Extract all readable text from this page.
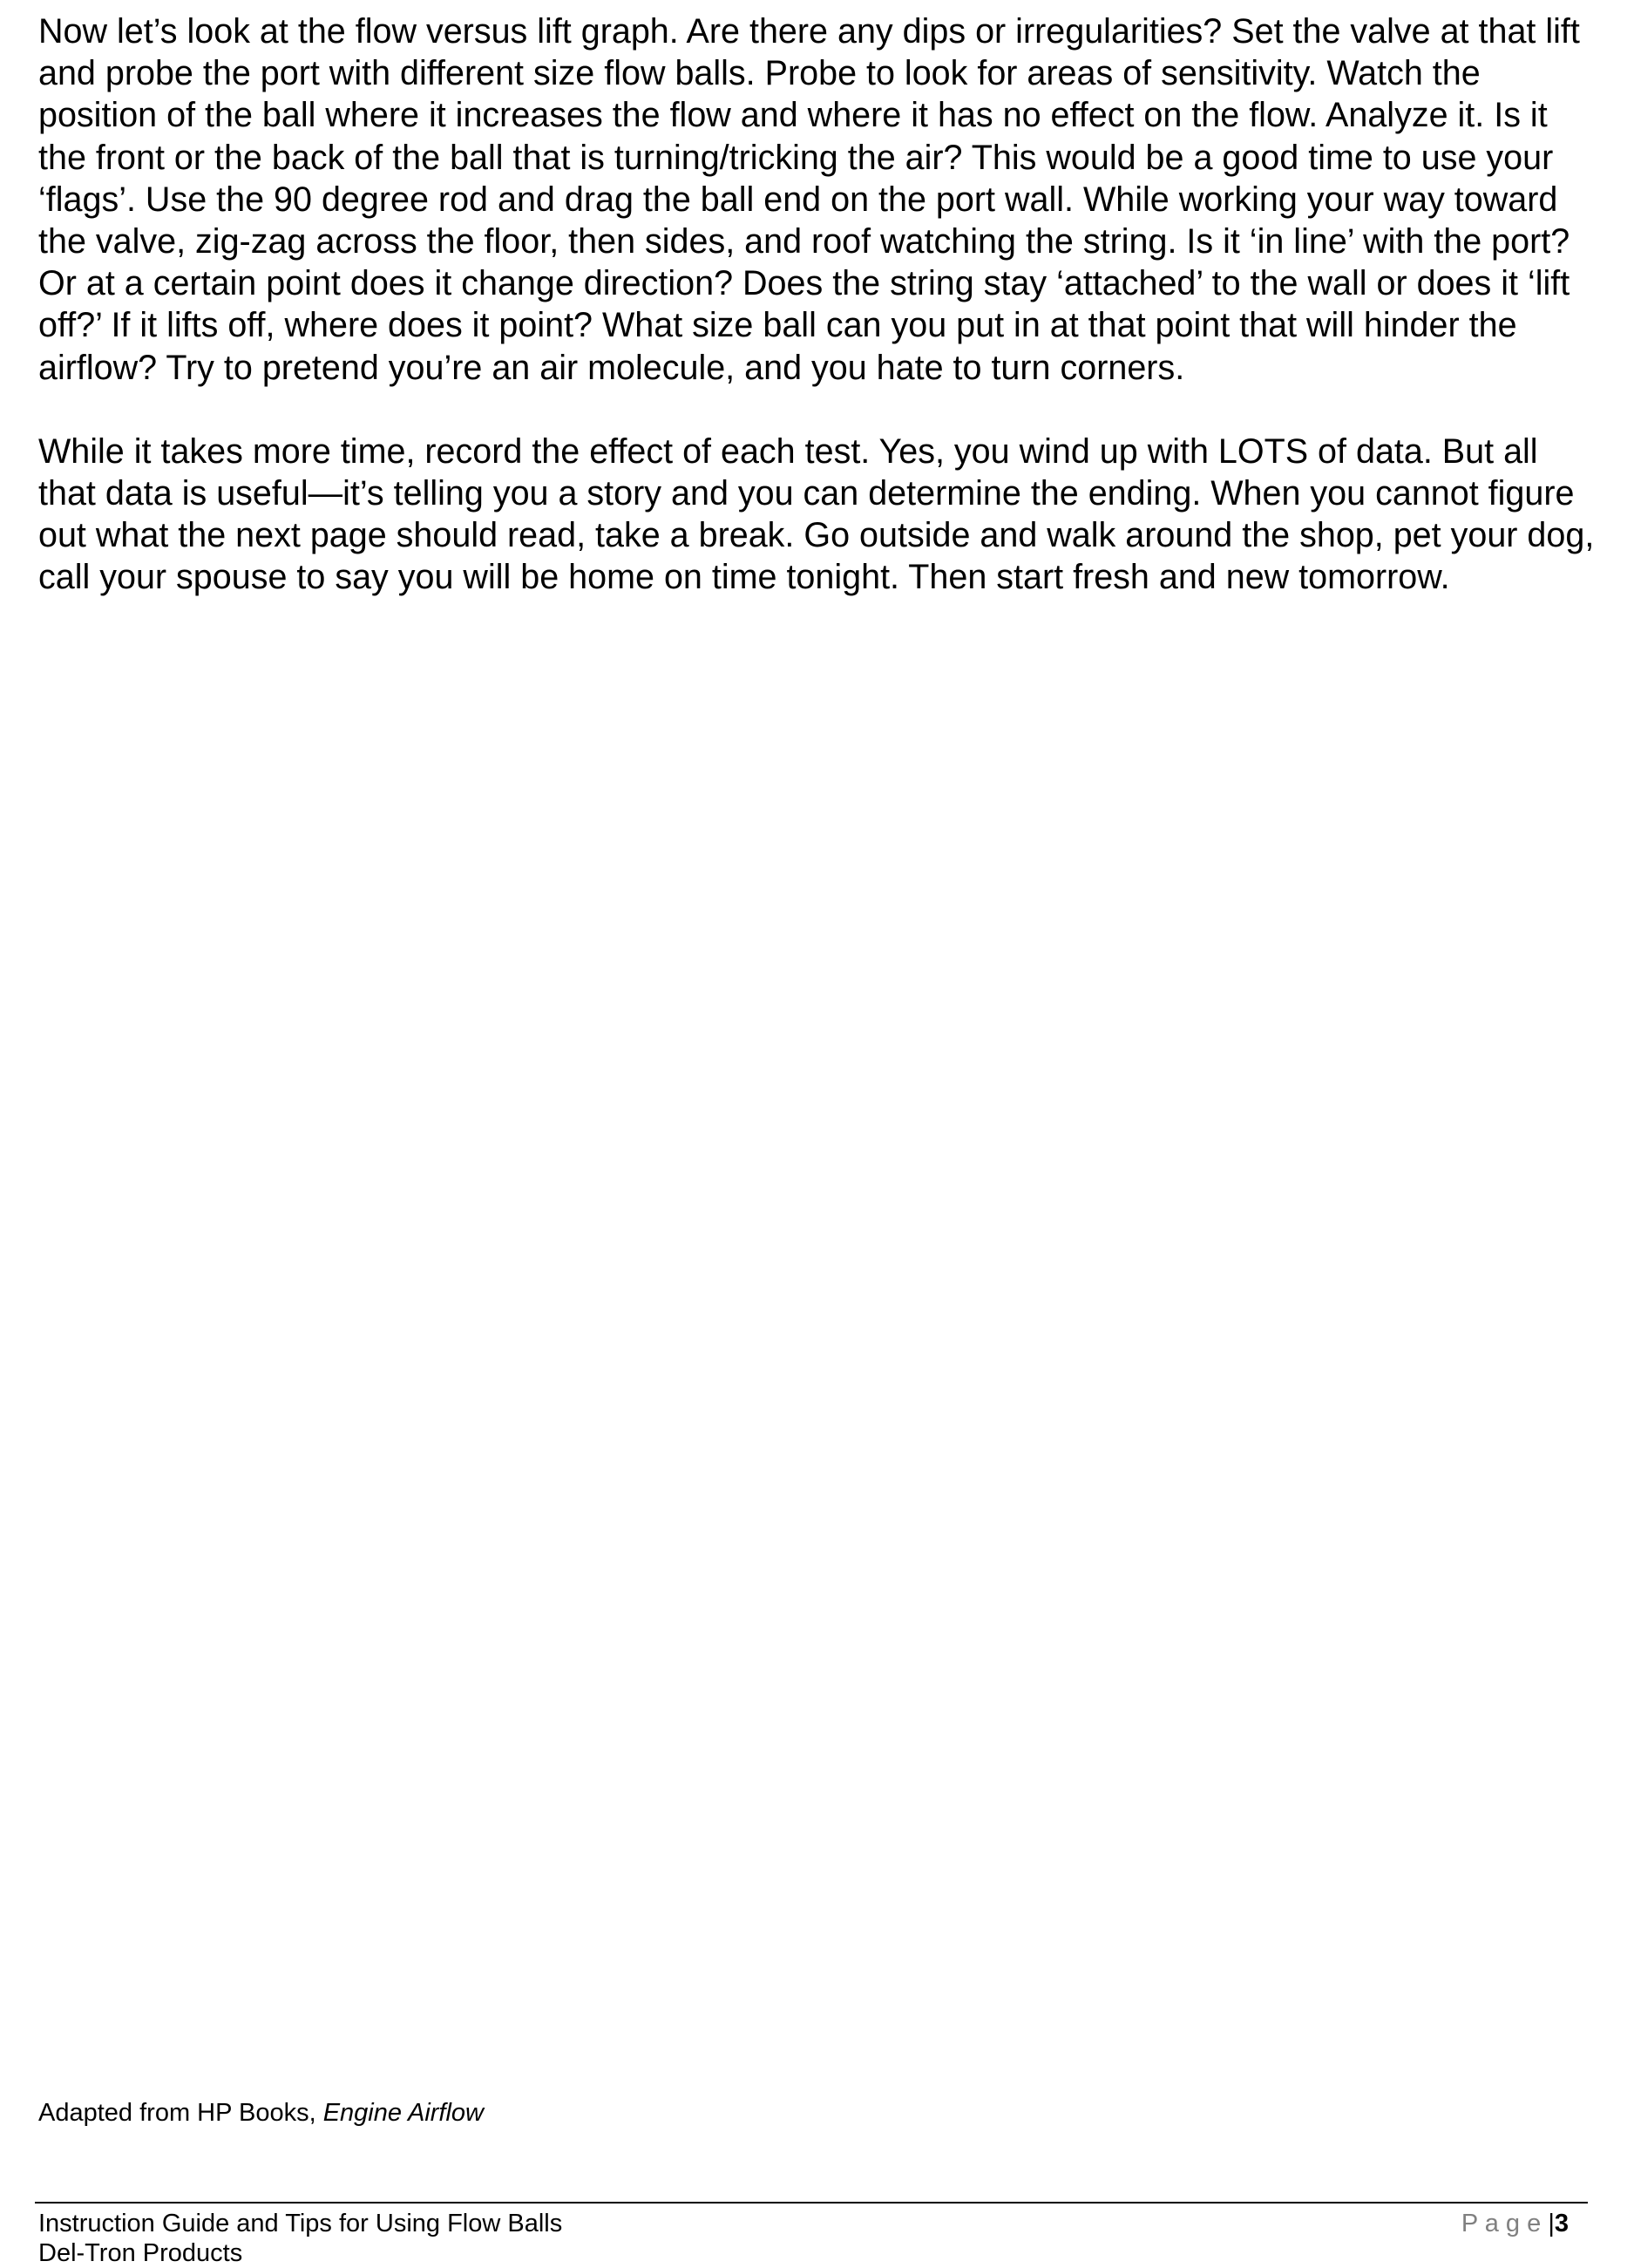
Now let’s look at the flow versus lift graph. Are there any dips or irregularities? Set the valve at that lift and probe the port with different size flow balls. Probe to look for areas of sensitivity. Watch the position of the ball where it increases the flow and where it has no effect on the flow. Analyze it. Is it the front or the back of the ball that is turning/tricking the air? This would be a good time to use your ‘flags’. Use the 90 degree rod and drag the ball end on the port wall. While working your way toward the valve, zig-zag across the floor, then sides, and roof watching the string. Is it ‘in line’ with the port? Or at a certain point does it change direction? Does the string stay ‘attached’ to the wall or does it ‘lift off?’ If it lifts off, where does it point? What size ball can you put in at that point that will hinder the airflow? Try to pretend you’re an air molecule, and you hate to turn corners.

While it takes more time, record the effect of each test. Yes, you wind up with LOTS of data. But all that data is useful—it’s telling you a story and you can determine the ending. When you cannot figure out what the next page should read, take a break. Go outside and walk around the shop, pet your dog, call your spouse to say you will be home on time tonight. Then start fresh and new tomorrow.

Adapted from HP Books, Engine Airflow
Instruction Guide and Tips for Using Flow Balls
Del-Tron Products
P a g e |3
